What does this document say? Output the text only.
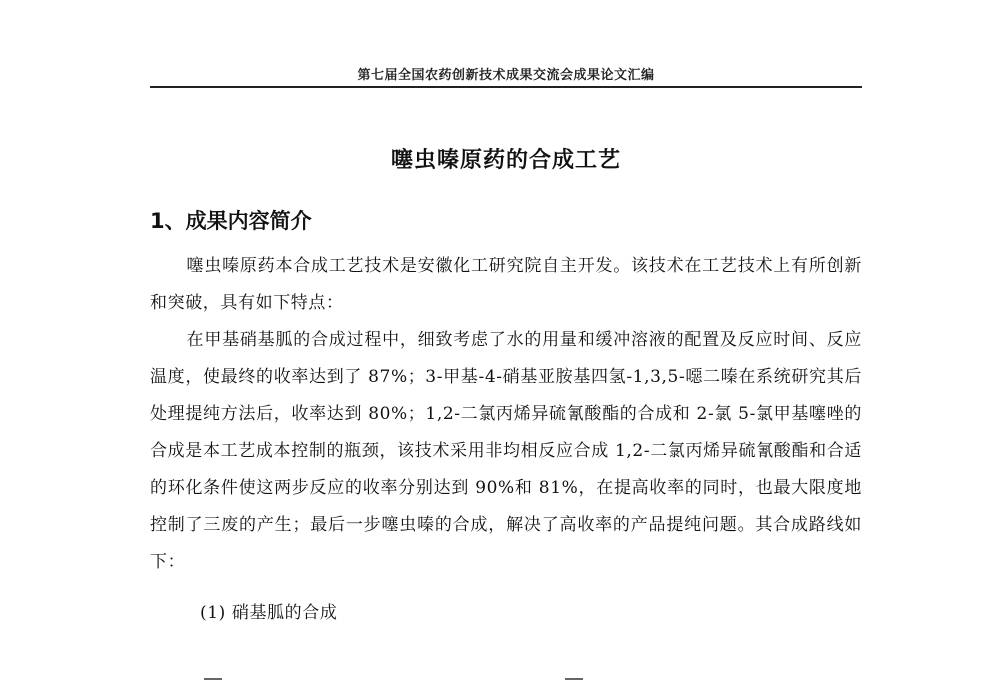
第七届全国农药创新技术成果交流会成果论文汇编
噻虫嗪原药的合成工艺
1、成果内容简介
噻虫嗪原药本合成工艺技术是安徽化工研究院自主开发。该技术在工艺技术上有所创新和突破，具有如下特点：
在甲基硝基胍的合成过程中，细致考虑了水的用量和缓冲溶液的配置及反应时间、反应温度，使最终的收率达到了 87%；3-甲基-4-硝基亚胺基四氢-1,3,5-噁二嗪在系统研究其后处理提纯方法后，收率达到 80%；1,2-二氯丙烯异硫氰酸酯的合成和 2-氯 5-氯甲基噻唑的合成是本工艺成本控制的瓶颈，该技术采用非均相反应合成 1,2-二氯丙烯异硫氰酸酯和合适的环化条件使这两步反应的收率分别达到 90%和 81%，在提高收率的同时，也最大限度地控制了三废的产生；最后一步噻虫嗪的合成，解决了高收率的产品提纯问题。其合成路线如下：
(1) 硝基胍的合成
